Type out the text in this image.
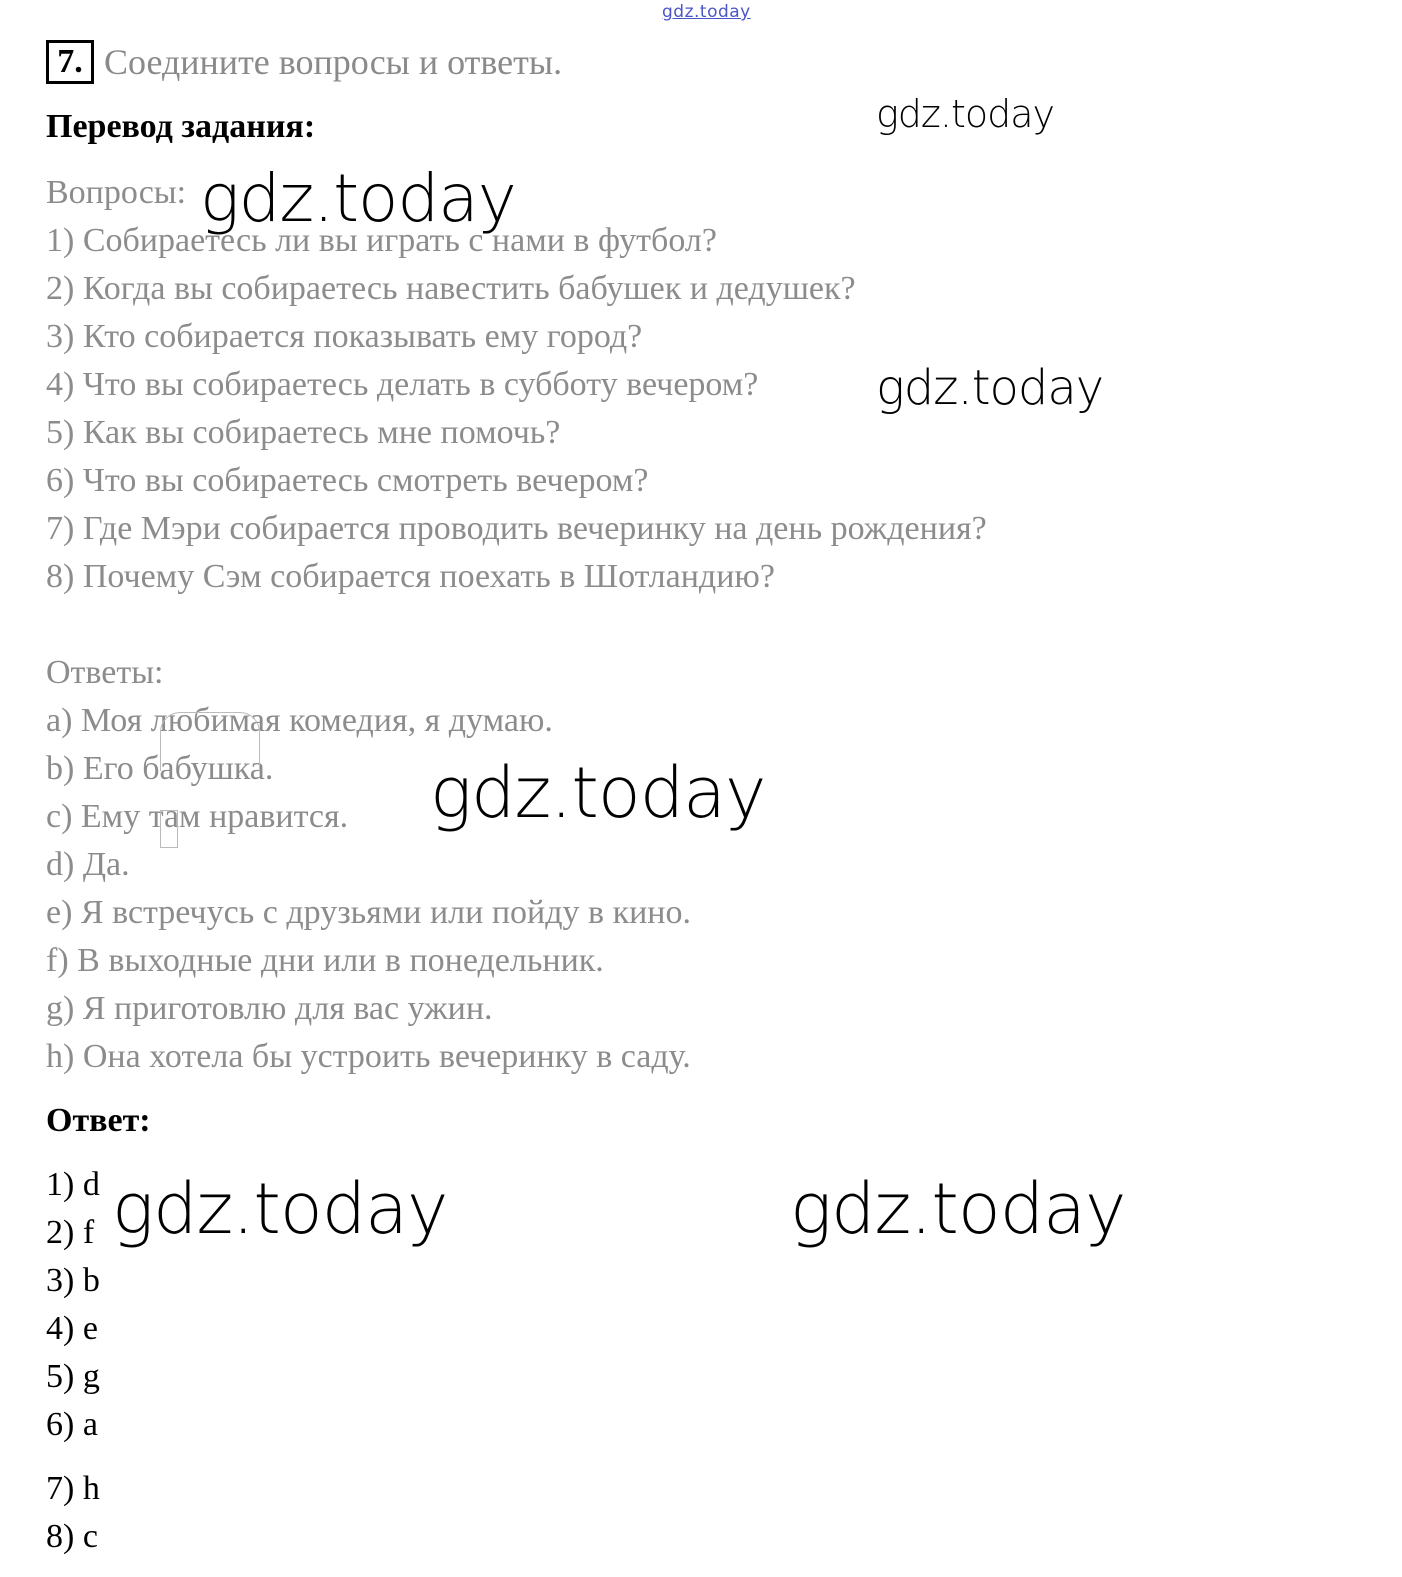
gdz.today
7. Соедините вопросы и ответы.
Перевод задания:
Вопросы:
1) Собираетесь ли вы играть с нами в футбол?
2) Когда вы собираетесь навестить бабушек и дедушек?
3) Кто собирается показывать ему город?
4) Что вы собираетесь делать в субботу вечером?
5) Как вы собираетесь мне помочь?
6) Что вы собираетесь смотреть вечером?
7) Где Мэри собирается проводить вечеринку на день рождения?
8) Почему Сэм собирается поехать в Шотландию?
Ответы:
a) Моя любимая комедия, я думаю.
b) Его бабушка.
c) Ему там нравится.
d) Да.
e) Я встречусь с друзьями или пойду в кино.
f) В выходные дни или в понедельник.
g) Я приготовлю для вас ужин.
h) Она хотела бы устроить вечеринку в саду.
Ответ:
1) d
2) f
3) b
4) e
5) g
6) a
7) h
8) c
gdz.today
gdz.today
gdz.today
gdz.today
gdz.today	gdz.today
